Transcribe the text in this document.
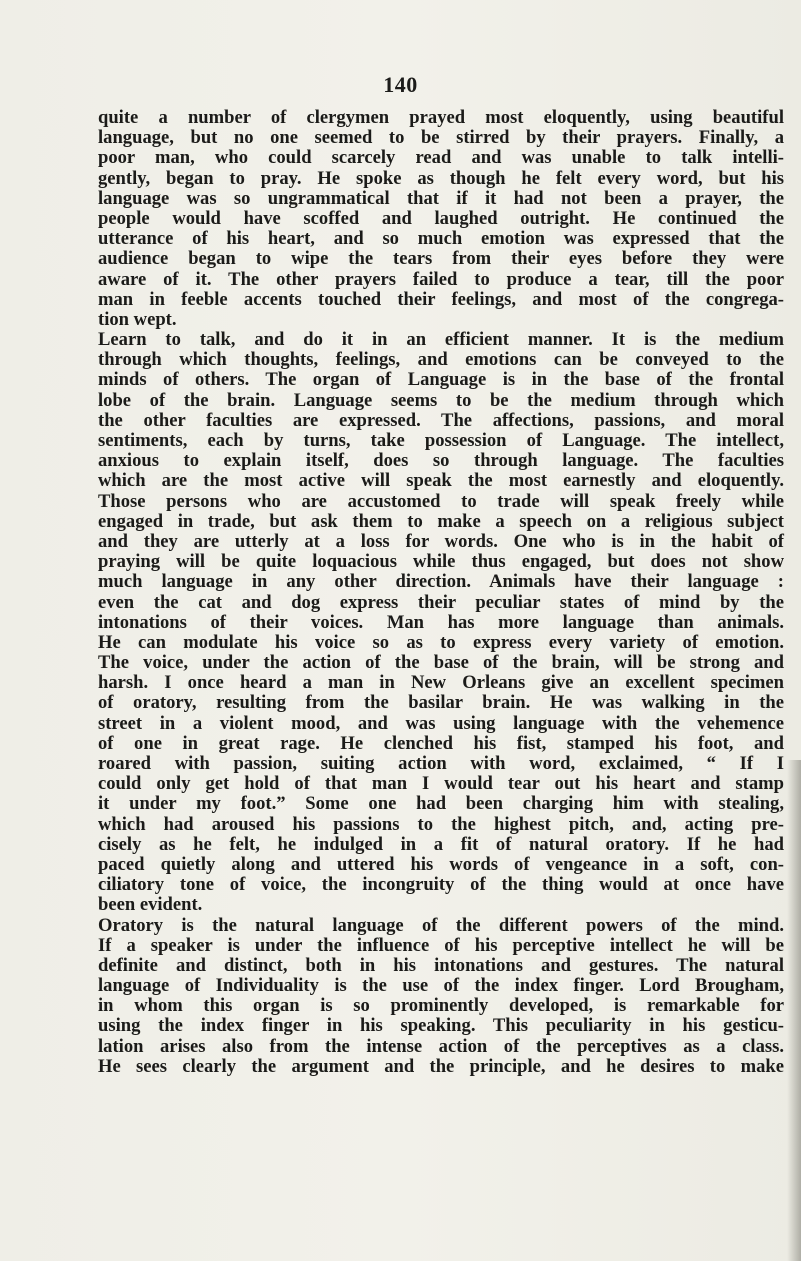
140
quite a number of clergymen prayed most eloquently, using beautiful
language, but no one seemed to be stirred by their prayers. Finally, a
poor man, who could scarcely read and was unable to talk intelli-
gently, began to pray. He spoke as though he felt every word, but his
language was so ungrammatical that if it had not been a prayer, the
people would have scoffed and laughed outright. He continued the
utterance of his heart, and so much emotion was expressed that the
audience began to wipe the tears from their eyes before they were
aware of it. The other prayers failed to produce a tear, till the poor
man in feeble accents touched their feelings, and most of the congrega-
tion wept.
Learn to talk, and do it in an efficient manner. It is the medium
through which thoughts, feelings, and emotions can be conveyed to the
minds of others. The organ of Language is in the base of the frontal
lobe of the brain. Language seems to be the medium through which
the other faculties are expressed. The affections, passions, and moral
sentiments, each by turns, take possession of Language. The intellect,
anxious to explain itself, does so through language. The faculties
which are the most active will speak the most earnestly and eloquently.
Those persons who are accustomed to trade will speak freely while
engaged in trade, but ask them to make a speech on a religious subject
and they are utterly at a loss for words. One who is in the habit of
praying will be quite loquacious while thus engaged, but does not show
much language in any other direction. Animals have their language :
even the cat and dog express their peculiar states of mind by the
intonations of their voices. Man has more language than animals.
He can modulate his voice so as to express every variety of emotion.
The voice, under the action of the base of the brain, will be strong and
harsh. I once heard a man in New Orleans give an excellent specimen
of oratory, resulting from the basilar brain. He was walking in the
street in a violent mood, and was using language with the vehemence
of one in great rage. He clenched his fist, stamped his foot, and
roared with passion, suiting action with word, exclaimed, “ If I
could only get hold of that man I would tear out his heart and stamp
it under my foot.” Some one had been charging him with stealing,
which had aroused his passions to the highest pitch, and, acting pre-
cisely as he felt, he indulged in a fit of natural oratory. If he had
paced quietly along and uttered his words of vengeance in a soft, con-
ciliatory tone of voice, the incongruity of the thing would at once have
been evident.
Oratory is the natural language of the different powers of the mind.
If a speaker is under the influence of his perceptive intellect he will be
definite and distinct, both in his intonations and gestures. The natural
language of Individuality is the use of the index finger. Lord Brougham,
in whom this organ is so prominently developed, is remarkable for
using the index finger in his speaking. This peculiarity in his gesticu-
lation arises also from the intense action of the perceptives as a class.
He sees clearly the argument and the principle, and he desires to make
